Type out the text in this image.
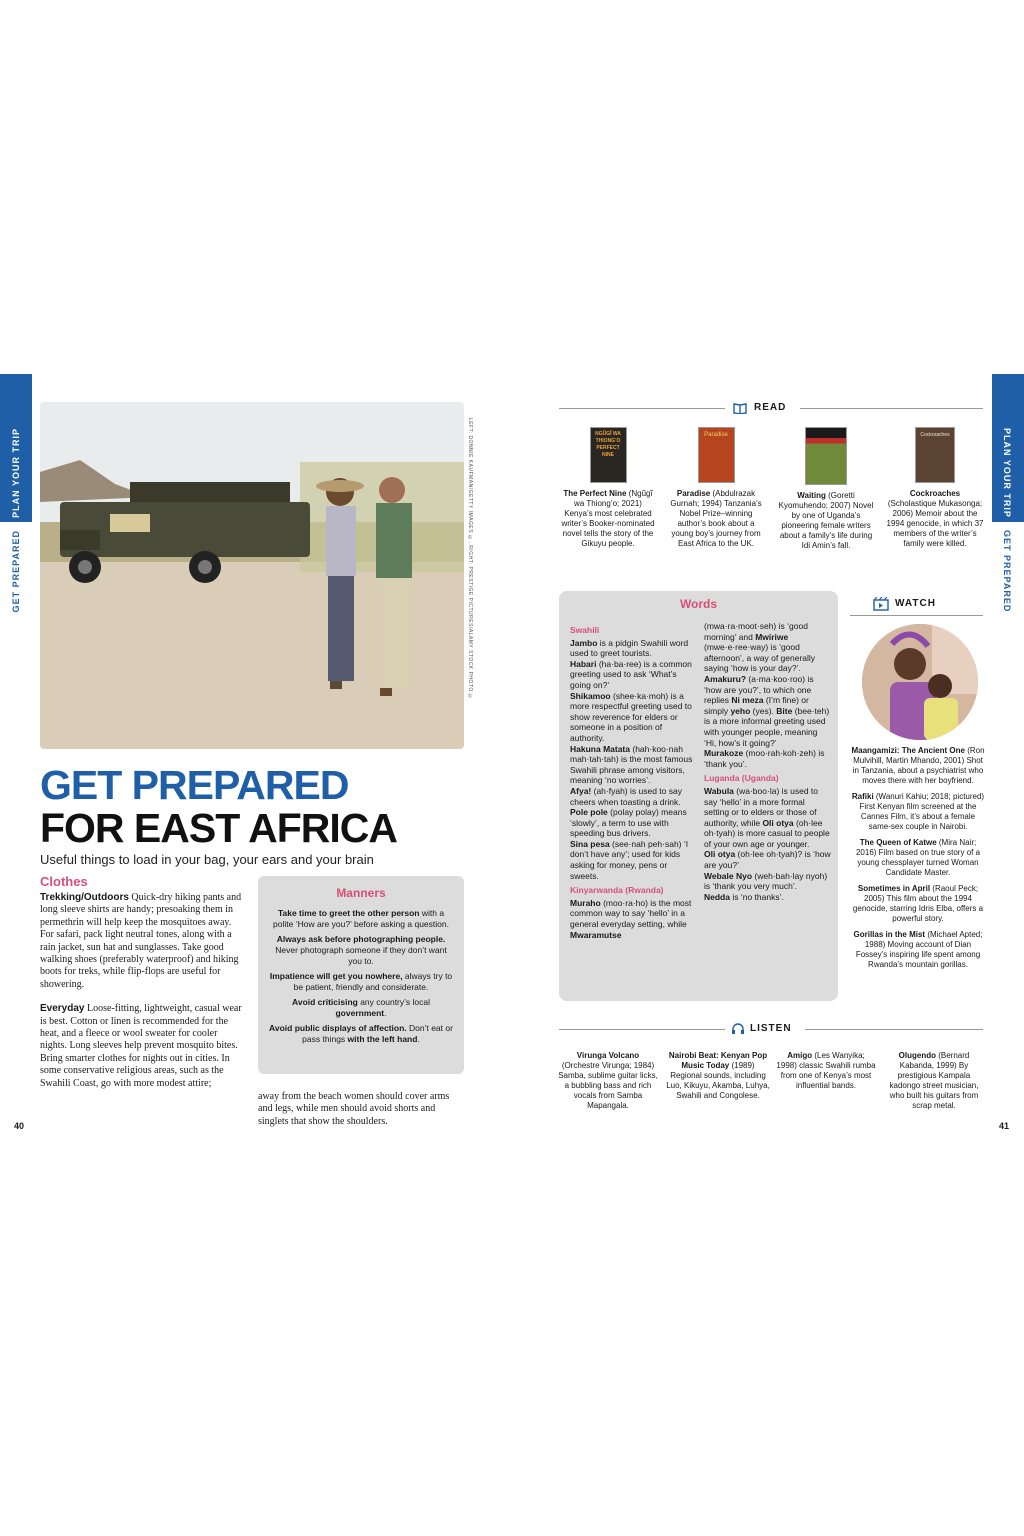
PLAN YOUR TRIP
GET PREPARED
PLAN YOUR TRIP
GET PREPARED
LEFT: DONNIE KAUFMAN/GETTY IMAGES ©, RIGHT: PRESTIGE PICTURES/ALAMY STOCK PHOTO ©
GET PREPARED
FOR EAST AFRICA
Useful things to load in your bag, your ears and your brain
Clothes

Trekking/Outdoors Quick-dry hiking pants and long sleeve shirts are handy; presoaking them in permethrin will help keep the mosquitoes away. For safari, pack light neutral tones, along with a rain jacket, sun hat and sunglasses. Take good walking shoes (preferably waterproof) and hiking boots for treks, while flip-flops are useful for showering.

Everyday Loose-fitting, lightweight, casual wear is best. Cotton or linen is recommended for the heat, and a fleece or wool sweater for cooler nights. Long sleeves help prevent mosquito bites. Bring smarter clothes for nights out in cities. In some conservative religious areas, such as the Swahili Coast, go with more modest attire;

away from the beach women should cover arms and legs, while men should avoid shorts and singlets that show the shoulders.
Manners
Take time to greet the other person with a polite ‘How are you?’ before asking a question.
Always ask before photographing people. Never photograph someone if they don’t want you to.
Impatience will get you nowhere, always try to be patient, friendly and considerate.
Avoid criticising any country’s local government.
Avoid public displays of affection. Don’t eat or pass things with the left hand.
READ
NGŨGĨ WA THIONG’O PERFECT NINE
The Perfect Nine (Ngũgĩ wa Thiong’o; 2021) Kenya’s most celebrated writer’s Booker-nominated novel tells the story of the Gikuyu people.
Paradise
Paradise (Abdulrazak Gurnah; 1994) Tanzania’s Nobel Prize–winning author’s book about a young boy’s journey from East Africa to the UK.
Waiting (Goretti Kyomuhendo; 2007) Novel by one of Uganda’s pioneering female writers about a family’s life during Idi Amin’s fall.
Cockroaches
Cockroaches (Scholastique Mukasonga; 2006) Memoir about the 1994 genocide, in which 37 members of the writer’s family were killed.
Words
Swahili
Jambo is a pidgin Swahili word used to greet tourists.
Habari (ha·ba·ree) is a common greeting used to ask ‘What’s going on?’
Shikamoo (shee·ka·moh) is a more respectful greeting used to show reverence for elders or someone in a position of authority.
Hakuna Matata (hah·koo·nah mah·tah·tah) is the most famous Swahili phrase among visitors, meaning ‘no worries’.
Afya! (ah·fyah) is used to say cheers when toasting a drink.
Pole pole (polay polay) means ‘slowly’, a term to use with speeding bus drivers.
Sina pesa (see·nah peh·sah) ‘I don’t have any’; used for kids asking for money, pens or sweets.
Kinyarwanda (Rwanda)
Muraho (moo·ra·ho) is the most common way to say ‘hello’ in a general everyday setting, while Mwaramutse
(mwa·ra·moot·seh) is ‘good morning’ and Mwiriwe (mwe·e·ree·way) is ‘good afternoon’, a way of generally saying ‘how is your day?’.
Amakuru? (a·ma·koo·roo) is ‘how are you?’, to which one replies Ni meza (I’m fine) or simply yeho (yes). Bite (bee·teh) is a more informal greeting used with younger people, meaning ‘Hi, how’s it going?’
Murakoze (moo·rah·koh·zeh) is ‘thank you’.
Luganda (Uganda)
Wabula (wa·boo·la) is used to say ‘hello’ in a more formal setting or to elders or those of authority, while Oli otya (oh·lee oh·tyah) is more casual to people of your own age or younger.
Oli otya (oh·lee oh·tyah)? is ‘how are you?’
Webale Nyo (weh·bah·lay nyoh) is ‘thank you very much’.
Nedda is ‘no thanks’.
WATCH
Maangamizi: The Ancient One (Ron Mulvihill, Martin Mhando, 2001) Shot in Tanzania, about a psychiatrist who moves there with her boyfriend.
Rafiki (Wanuri Kahiu; 2018; pictured) First Kenyan film screened at the Cannes Film, it’s about a female same-sex couple in Nairobi.
The Queen of Katwe (Mira Nair; 2016) Film based on true story of a young chessplayer turned Woman Candidate Master.
Sometimes in April (Raoul Peck; 2005) This film about the 1994 genocide, starring Idris Elba, offers a powerful story.
Gorillas in the Mist (Michael Apted; 1988) Moving account of Dian Fossey’s inspiring life spent among Rwanda’s mountain gorillas.
LISTEN
Virunga Volcano (Orchestre Virunga; 1984) Samba, sublime guitar licks, a bubbling bass and rich vocals from Samba Mapangala.
Nairobi Beat: Kenyan Pop Music Today (1989) Regional sounds, including Luo, Kikuyu, Akamba, Luhya, Swahili and Congolese.
Amigo (Les Wanyika; 1998) classic Swahili rumba from one of Kenya’s most influential bands.
Olugendo (Bernard Kabanda, 1999) By prestigious Kampala kadongo street musician, who built his guitars from scrap metal.
40	41
